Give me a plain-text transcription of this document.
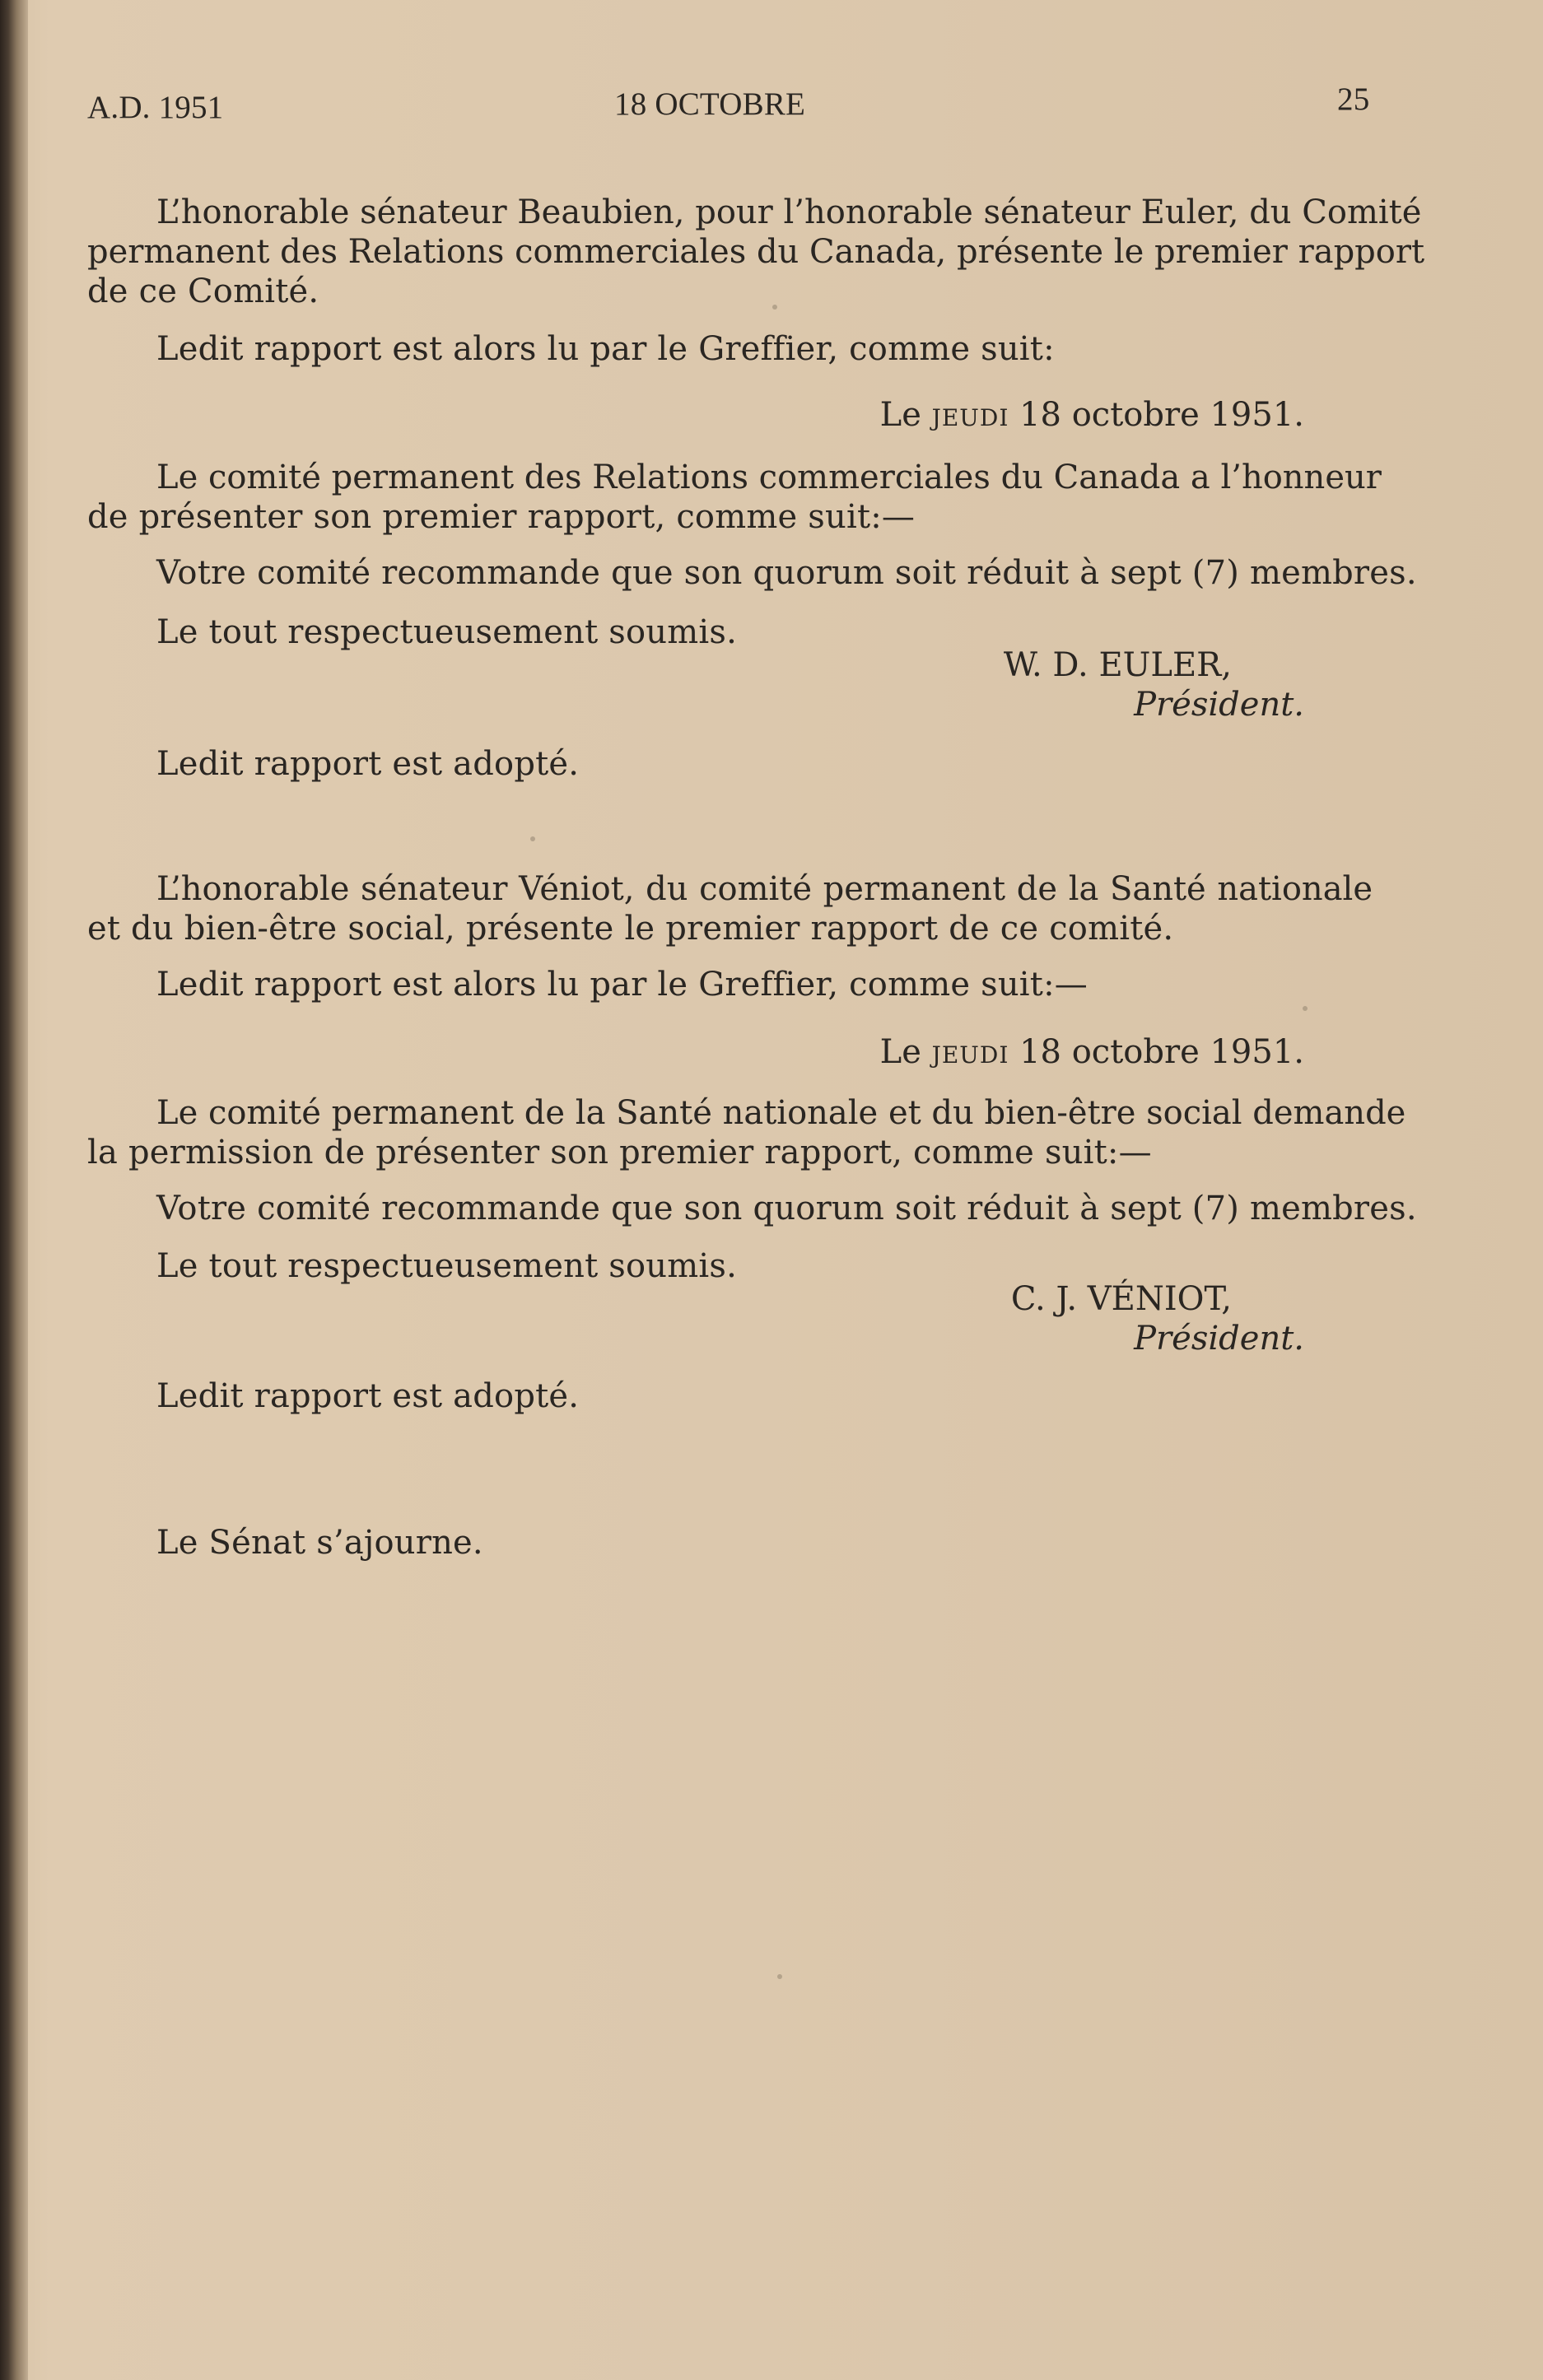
A.D. 1951	18 OCTOBRE	25
L’honorable sénateur Beaubien, pour l’honorable sénateur Euler, du Comité
permanent des Relations commerciales du Canada, présente le premier rapport
de ce Comité.
Ledit rapport est alors lu par le Greffier, comme suit:
Le jeudi 18 octobre 1951.
Le comité permanent des Relations commerciales du Canada a l’honneur
de présenter son premier rapport, comme suit:—
Votre comité recommande que son quorum soit réduit à sept (7) membres.
Le tout respectueusement soumis.
W. D. EULER,
Président.
Ledit rapport est adopté.
L’honorable sénateur Véniot, du comité permanent de la Santé nationale
et du bien-être social, présente le premier rapport de ce comité.
Ledit rapport est alors lu par le Greffier, comme suit:—
Le jeudi 18 octobre 1951.
Le comité permanent de la Santé nationale et du bien-être social demande
la permission de présenter son premier rapport, comme suit:—
Votre comité recommande que son quorum soit réduit à sept (7) membres.
Le tout respectueusement soumis.
C. J. VÉNIOT,
Président.
Ledit rapport est adopté.
Le Sénat s’ajourne.
